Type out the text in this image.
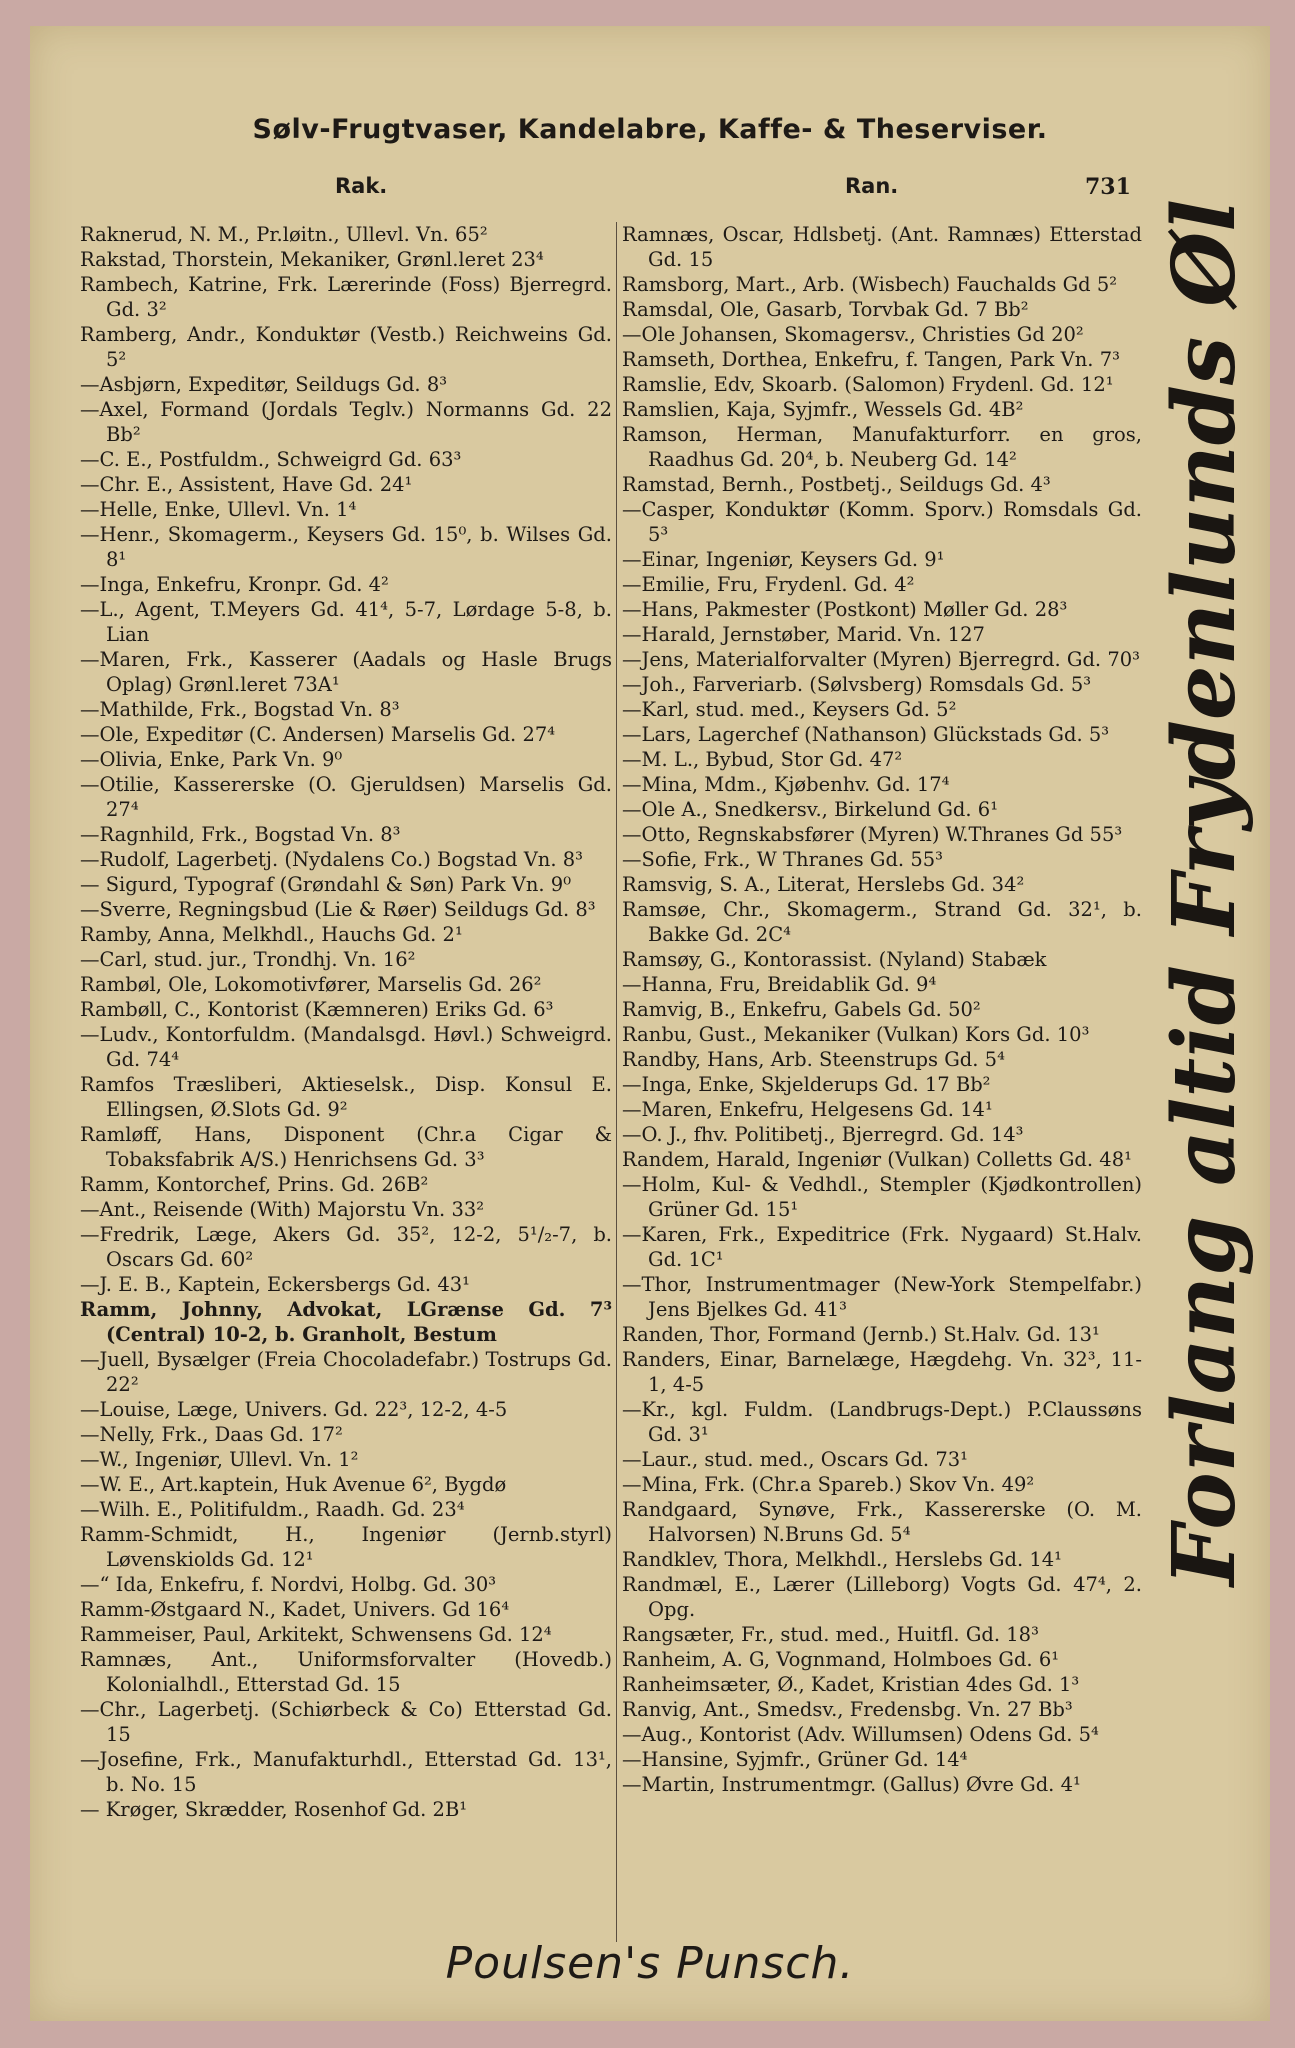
Sølv-Frugtvaser, Kandelabre, Kaffe- & Theserviser.
Rak.	Ran.	731

Raknerud, N. M., Pr.løitn., Ullevl. Vn. 65²

Rakstad, Thorstein, Mekaniker, Grønl.leret 23⁴

Rambech, Katrine, Frk. Lærerinde (Foss) Bjerregrd. Gd. 3²

Ramberg, Andr., Konduktør (Vestb.) Reichweins Gd. 5²

—Asbjørn, Expeditør, Seildugs Gd. 8³

—Axel, Formand (Jordals Teglv.) Normanns Gd. 22 Bb²

—C. E., Postfuldm., Schweigrd Gd. 63³

—Chr. E., Assistent, Have Gd. 24¹

—Helle, Enke, Ullevl. Vn. 1⁴

—Henr., Skomagerm., Keysers Gd. 15⁰, b. Wilses Gd. 8¹

—Inga, Enkefru, Kronpr. Gd. 4²

—L., Agent, T.Meyers Gd. 41⁴, 5-7, Lørdage 5-8, b. Lian

—Maren, Frk., Kasserer (Aadals og Hasle Brugs Oplag) Grønl.leret 73A¹

—Mathilde, Frk., Bogstad Vn. 8³

—Ole, Expeditør (C. Andersen) Marselis Gd. 27⁴

—Olivia, Enke, Park Vn. 9⁰

—Otilie, Kassererske (O. Gjeruldsen) Marselis Gd. 27⁴

—Ragnhild, Frk., Bogstad Vn. 8³

—Rudolf, Lagerbetj. (Nydalens Co.) Bogstad Vn. 8³

— Sigurd, Typograf (Grøndahl & Søn) Park Vn. 9⁰

—Sverre, Regningsbud (Lie & Røer) Seildugs Gd. 8³

Ramby, Anna, Melkhdl., Hauchs Gd. 2¹

—Carl, stud. jur., Trondhj. Vn. 16²

Rambøl, Ole, Lokomotivfører, Marselis Gd. 26²

Rambøll, C., Kontorist (Kæmneren) Eriks Gd. 6³

—Ludv., Kontorfuldm. (Mandalsgd. Høvl.) Schweigrd. Gd. 74⁴

Ramfos Træsliberi, Aktieselsk., Disp. Konsul E. Ellingsen, Ø.Slots Gd. 9²

Ramløff, Hans, Disponent (Chr.a Cigar & Tobaksfabrik A/S.) Henrichsens Gd. 3³

Ramm, Kontorchef, Prins. Gd. 26B²

—Ant., Reisende (With) Majorstu Vn. 33²

—Fredrik, Læge, Akers Gd. 35², 12-2, 5¹/₂-7, b. Oscars Gd. 60²

—J. E. B., Kaptein, Eckersbergs Gd. 43¹

Ramm, Johnny, Advokat, LGrænse Gd. 7³ (Central) 10-2, b. Granholt, Bestum

—Juell, Bysælger (Freia Chocoladefabr.) Tostrups Gd. 22²

—Louise, Læge, Univers. Gd. 22³, 12-2, 4-5

—Nelly, Frk., Daas Gd. 17²

—W., Ingeniør, Ullevl. Vn. 1²

—W. E., Art.kaptein, Huk Avenue 6², Bygdø

—Wilh. E., Politifuldm., Raadh. Gd. 23⁴

Ramm-Schmidt, H., Ingeniør (Jernb.styrl) Løvenskiolds Gd. 12¹

—“ Ida, Enkefru, f. Nordvi, Holbg. Gd. 30³

Ramm-Østgaard N., Kadet, Univers. Gd 16⁴

Rammeiser, Paul, Arkitekt, Schwensens Gd. 12⁴

Ramnæs, Ant., Uniformsforvalter (Hovedb.) Kolonialhdl., Etterstad Gd. 15

—Chr., Lagerbetj. (Schiørbeck & Co) Etterstad Gd. 15

—Josefine, Frk., Manufakturhdl., Etterstad Gd. 13¹, b. No. 15

— Krøger, Skrædder, Rosenhof Gd. 2B¹

Ramnæs, Oscar, Hdlsbetj. (Ant. Ramnæs) Etterstad Gd. 15

Ramsborg, Mart., Arb. (Wisbech) Fauchalds Gd 5²

Ramsdal, Ole, Gasarb, Torvbak Gd. 7 Bb²

—Ole Johansen, Skomagersv., Christies Gd 20²

Ramseth, Dorthea, Enkefru, f. Tangen, Park Vn. 7³

Ramslie, Edv, Skoarb. (Salomon) Frydenl. Gd. 12¹

Ramslien, Kaja, Syjmfr., Wessels Gd. 4B²

Ramson, Herman, Manufakturforr. en gros, Raadhus Gd. 20⁴, b. Neuberg Gd. 14²

Ramstad, Bernh., Postbetj., Seildugs Gd. 4³

—Casper, Konduktør (Komm. Sporv.) Romsdals Gd. 5³

—Einar, Ingeniør, Keysers Gd. 9¹

—Emilie, Fru, Frydenl. Gd. 4²

—Hans, Pakmester (Postkont) Møller Gd. 28³

—Harald, Jernstøber, Marid. Vn. 127

—Jens, Materialforvalter (Myren) Bjerregrd. Gd. 70³

—Joh., Farveriarb. (Sølvsberg) Romsdals Gd. 5³

—Karl, stud. med., Keysers Gd. 5²

—Lars, Lagerchef (Nathanson) Glückstads Gd. 5³

—M. L., Bybud, Stor Gd. 47²

—Mina, Mdm., Kjøbenhv. Gd. 17⁴

—Ole A., Snedkersv., Birkelund Gd. 6¹

—Otto, Regnskabsfører (Myren) W.Thranes Gd 55³

—Sofie, Frk., W Thranes Gd. 55³

Ramsvig, S. A., Literat, Herslebs Gd. 34²

Ramsøe, Chr., Skomagerm., Strand Gd. 32¹, b. Bakke Gd. 2C⁴

Ramsøy, G., Kontorassist. (Nyland) Stabæk

—Hanna, Fru, Breidablik Gd. 9⁴

Ramvig, B., Enkefru, Gabels Gd. 50²

Ranbu, Gust., Mekaniker (Vulkan) Kors Gd. 10³

Randby, Hans, Arb. Steenstrups Gd. 5⁴

—Inga, Enke, Skjelderups Gd. 17 Bb²

—Maren, Enkefru, Helgesens Gd. 14¹

—O. J., fhv. Politibetj., Bjerregrd. Gd. 14³

Randem, Harald, Ingeniør (Vulkan) Colletts Gd. 48¹

—Holm, Kul- & Vedhdl., Stempler (Kjødkontrollen) Grüner Gd. 15¹

—Karen, Frk., Expeditrice (Frk. Nygaard) St.Halv. Gd. 1C¹

—Thor, Instrumentmager (New-York Stempelfabr.) Jens Bjelkes Gd. 41³

Randen, Thor, Formand (Jernb.) St.Halv. Gd. 13¹

Randers, Einar, Barnelæge, Hægdehg. Vn. 32³, 11-1, 4-5

—Kr., kgl. Fuldm. (Landbrugs-Dept.) P.Claussøns Gd. 3¹

—Laur., stud. med., Oscars Gd. 73¹

—Mina, Frk. (Chr.a Spareb.) Skov Vn. 49²

Randgaard, Synøve, Frk., Kassererske (O. M. Halvorsen) N.Bruns Gd. 5⁴

Randklev, Thora, Melkhdl., Herslebs Gd. 14¹

Randmæl, E., Lærer (Lilleborg) Vogts Gd. 47⁴, 2. Opg.

Rangsæter, Fr., stud. med., Huitfl. Gd. 18³

Ranheim, A. G, Vognmand, Holmboes Gd. 6¹

Ranheimsæter, Ø., Kadet, Kristian 4des Gd. 1³

Ranvig, Ant., Smedsv., Fredensbg. Vn. 27 Bb³

—Aug., Kontorist (Adv. Willumsen) Odens Gd. 5⁴

—Hansine, Syjmfr., Grüner Gd. 14⁴

—Martin, Instrumentmgr. (Gallus) Øvre Gd. 4¹

Forlang altid Frydenlunds Øl
Poulsen's Punsch.
